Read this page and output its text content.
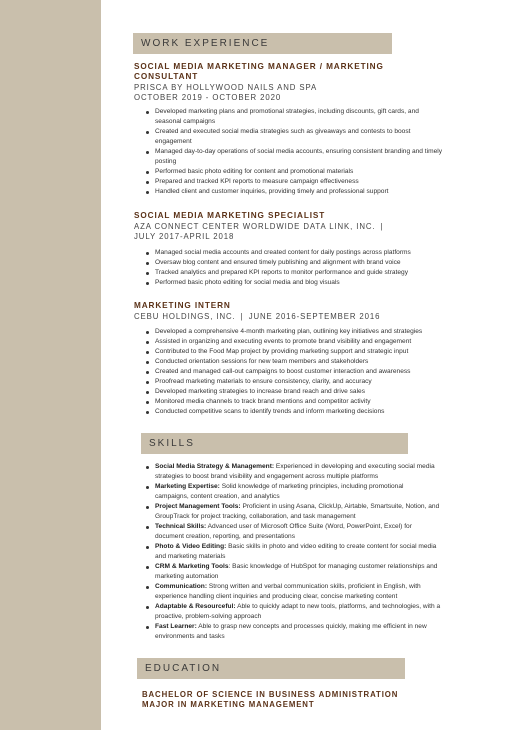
WORK EXPERIENCE
SOCIAL MEDIA MARKETING MANAGER / MARKETING
CONSULTANT
PRISCA BY HOLLYWOOD NAILS AND SPA
OCTOBER 2019 - OCTOBER 2020
Developed marketing plans and promotional strategies, including discounts, gift cards, and
seasonal campaigns
Created and executed social media strategies such as giveaways and contests to boost
engagement
Managed day-to-day operations of social media accounts, ensuring consistent branding and timely
posting
Performed basic photo editing for content and promotional materials
Prepared and tracked KPI reports to measure campaign effectiveness
Handled client and customer inquiries, providing timely and professional support
SOCIAL MEDIA MARKETING SPECIALIST
AZA CONNECT CENTER WORLDWIDE DATA LINK, INC. |
JULY 2017-APRIL 2018
Managed social media accounts and created content for daily postings across platforms
Oversaw blog content and ensured timely publishing and alignment with brand voice
Tracked analytics and prepared KPI reports to monitor performance and guide strategy
Performed basic photo editing for social media and blog visuals
MARKETING INTERN
CEBU HOLDINGS, INC. | JUNE 2016-SEPTEMBER 2016
Developed a comprehensive 4-month marketing plan, outlining key initiatives and strategies
Assisted in organizing and executing events to promote brand visibility and engagement
Contributed to the Food Map project by providing marketing support and strategic input
Conducted orientation sessions for new team members and stakeholders
Created and managed call-out campaigns to boost customer interaction and awareness
Proofread marketing materials to ensure consistency, clarity, and accuracy
Developed marketing strategies to increase brand reach and drive sales
Monitored media channels to track brand mentions and competitor activity
Conducted competitive scans to identify trends and inform marketing decisions
SKILLS
Social Media Strategy & Management: Experienced in developing and executing social media
strategies to boost brand visibility and engagement across multiple platforms
Marketing Expertise: Solid knowledge of marketing principles, including promotional
campaigns, content creation, and analytics
Project Management Tools: Proficient in using Asana, ClickUp, Airtable, Smartsuite, Notion, and
GroupTrack for project tracking, collaboration, and task management
Technical Skills: Advanced user of Microsoft Office Suite (Word, PowerPoint, Excel) for
document creation, reporting, and presentations
Photo & Video Editing: Basic skills in photo and video editing to create content for social media
and marketing materials
CRM & Marketing Tools: Basic knowledge of HubSpot for managing customer relationships and
marketing automation
Communication: Strong written and verbal communication skills, proficient in English, with
experience handling client inquiries and producing clear, concise marketing content
Adaptable & Resourceful: Able to quickly adapt to new tools, platforms, and technologies, with a
proactive, problem-solving approach
Fast Learner: Able to grasp new concepts and processes quickly, making me efficient in new
environments and tasks
EDUCATION
BACHELOR OF SCIENCE IN BUSINESS ADMINISTRATION
MAJOR IN MARKETING MANAGEMENT
